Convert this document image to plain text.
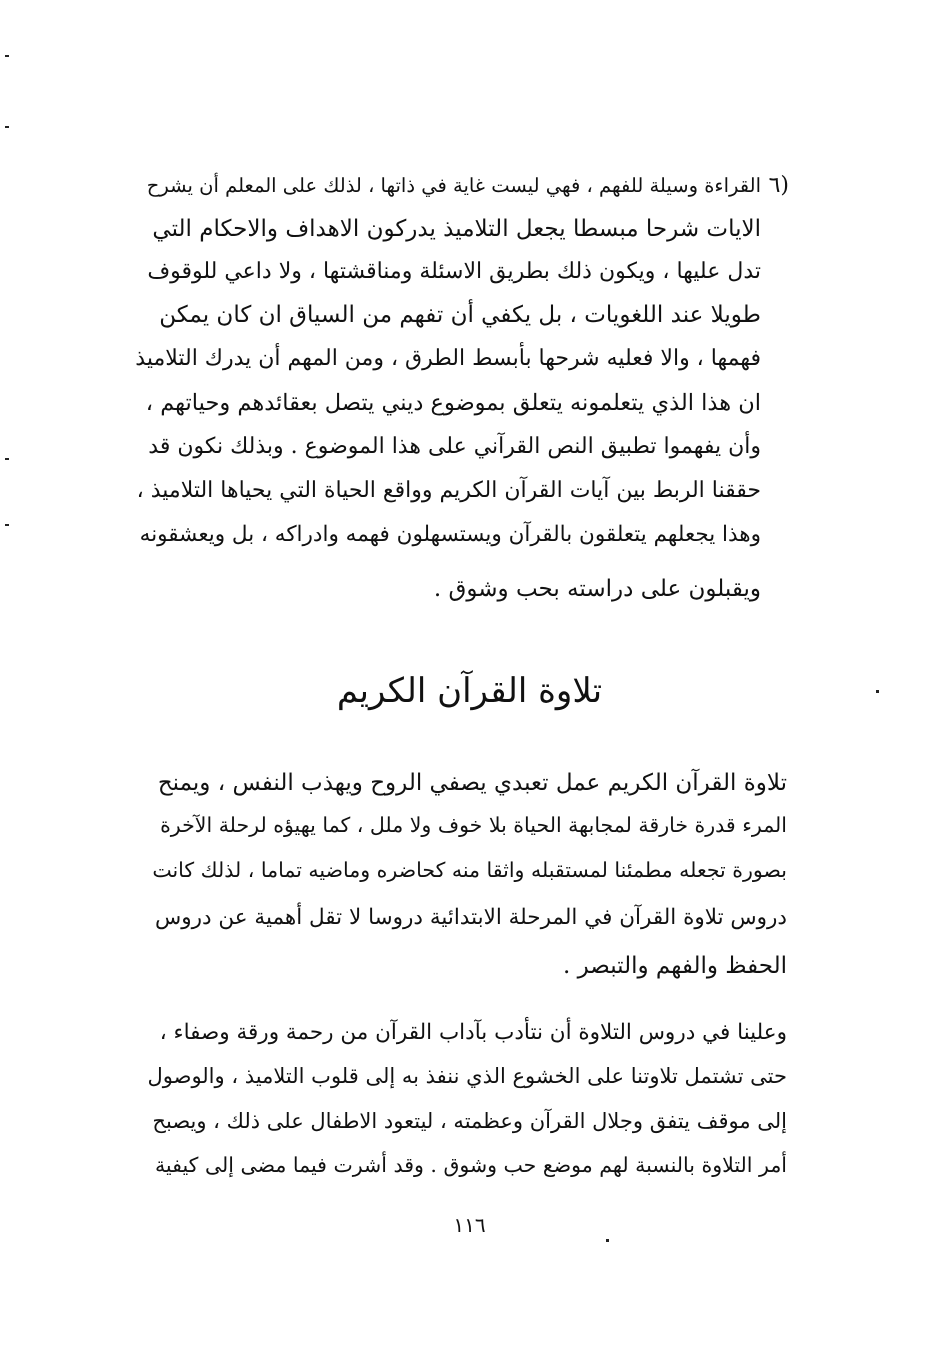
٦)
القراءة وسيلة للفهم ، فهي ليست غاية في ذاتها ، لذلك على المعلم أن يشرح
الايات شرحا مبسطا يجعل التلاميذ يدركون الاهداف والاحكام التي
تدل عليها ، ويكون ذلك بطريق الاسئلة ومناقشتها ، ولا داعي للوقوف
طويلا عند اللغويات ، بل يكفي أن تفهم من السياق ان كان يمكن
فهمها ، والا فعليه شرحها بأبسط الطرق ، ومن المهم أن يدرك التلاميذ
ان هذا الذي يتعلمونه يتعلق بموضوع ديني يتصل بعقائدهم وحياتهم ،
وأن يفهموا تطبيق النص القرآني على هذا الموضوع . وبذلك نكون قد
حققنا الربط بين آيات القرآن الكريم وواقع الحياة التي يحياها التلاميذ ،
وهذا يجعلهم يتعلقون بالقرآن ويستسهلون فهمه وادراكه ، بل ويعشقونه
ويقبلون على دراسته بحب وشوق .
تلاوة القرآن الكريم
تلاوة القرآن الكريم عمل تعبدي يصفي الروح ويهذب النفس ، ويمنح
المرء قدرة خارقة لمجابهة الحياة بلا خوف ولا ملل ، كما يهيؤه لرحلة الآخرة
بصورة تجعله مطمئنا لمستقبله واثقا منه كحاضره وماضيه تماما ، لذلك كانت
دروس تلاوة القرآن في المرحلة الابتدائية دروسا لا تقل أهمية عن دروس
الحفظ والفهم والتبصر .
وعلينا في دروس التلاوة أن نتأدب بآداب القرآن من رحمة ورقة وصفاء ،
حتى تشتمل تلاوتنا على الخشوع الذي ننفذ به إلى قلوب التلاميذ ، والوصول
إلى موقف يتفق وجلال القرآن وعظمته ، ليتعود الاطفال على ذلك ، ويصبح
أمر التلاوة بالنسبة لهم موضع حب وشوق . وقد أشرت فيما مضى إلى كيفية
١١٦
